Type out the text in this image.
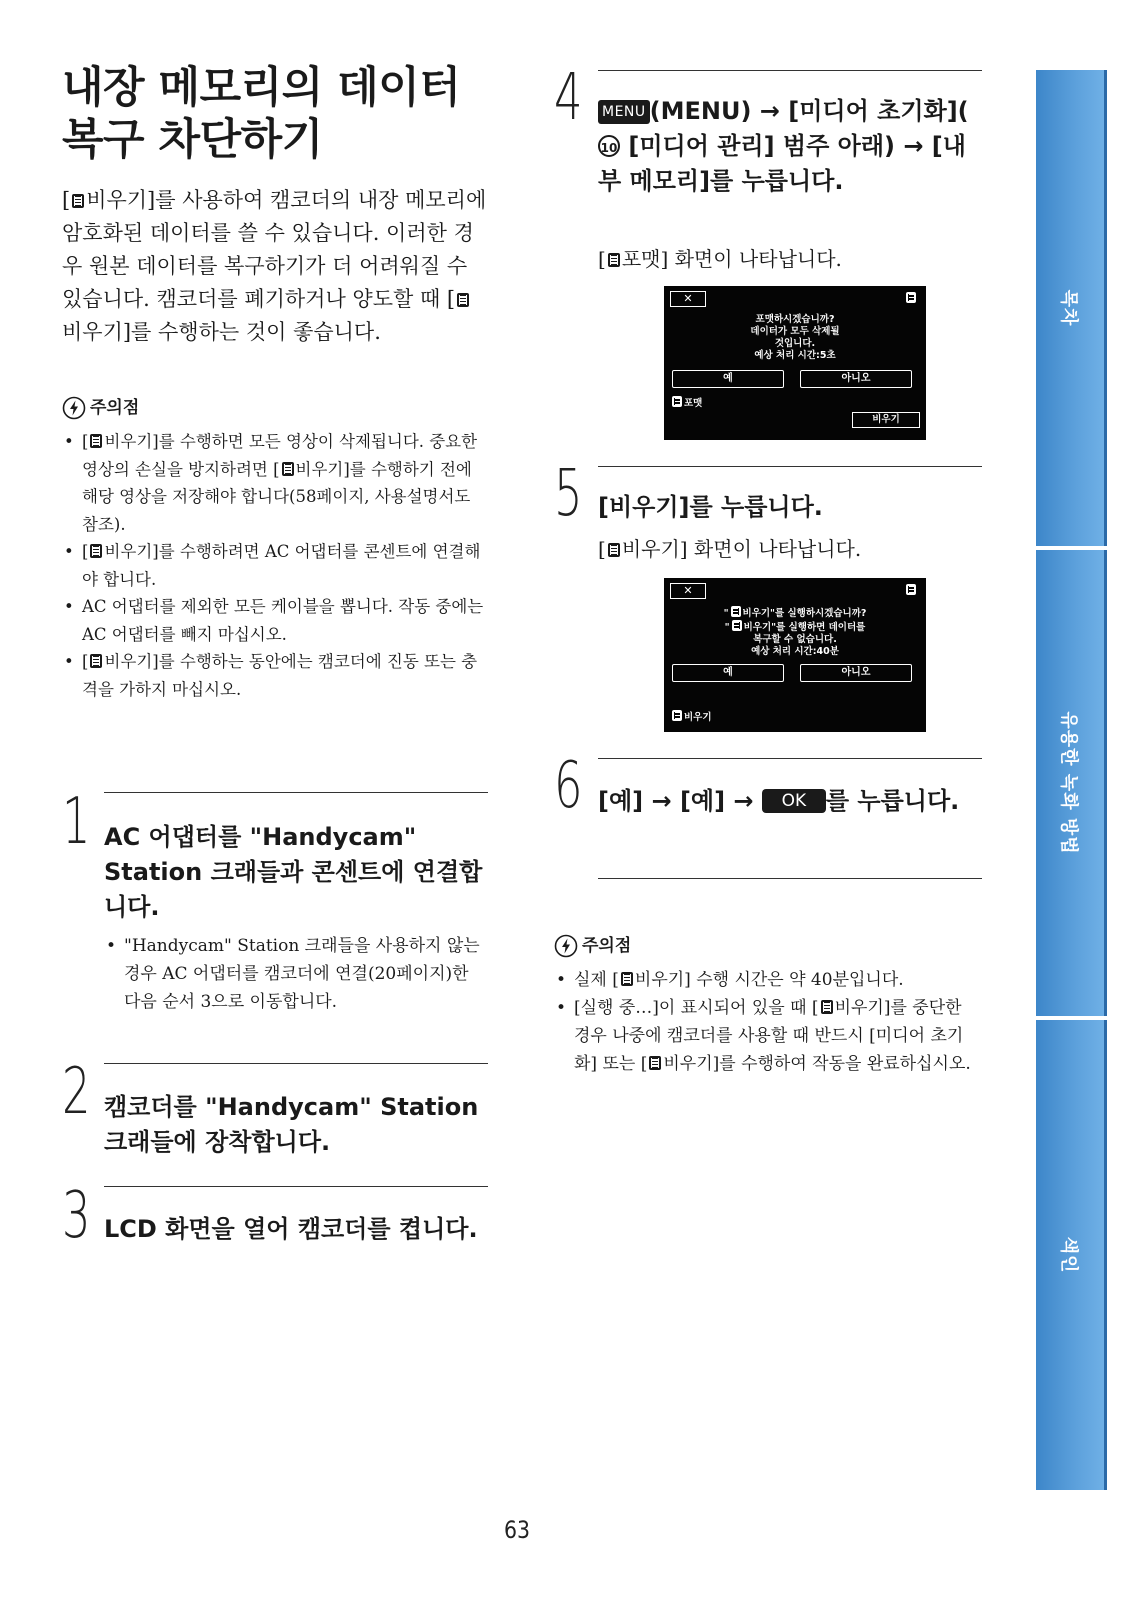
내장 메모리의 데이터 복구 차단하기

[ 비우기]를 사용하여 캠코더의 내장 메모리에 암호화된 데이터를 쓸 수 있습니다. 이러한 경우 원본 데이터를 복구하기가 더 어려워질 수 있습니다. 캠코더를 폐기하거나 양도할 때 [비우기]를 수행하는 것이 좋습니다.

주의점
• [ 비우기]를 수행하면 모든 영상이 삭제됩니다. 중요한 영상의 손실을 방지하려면 [ 비우기]를 수행하기 전에 해당 영상을 저장해야 합니다(58페이지, 사용설명서도 참조).
• [ 비우기]를 수행하려면 AC 어댑터를 콘센트에 연결해야 합니다.
• AC 어댑터를 제외한 모든 케이블을 뽑니다. 작동 중에는 AC 어댑터를 빼지 마십시오.
• [ 비우기]를 수행하는 동안에는 캠코더에 진동 또는 충격을 가하지 마십시오.
1 AC 어댑터를 "Handycam" Station 크래들과 콘센트에 연결합니다.

• "Handycam" Station 크래들을 사용하지 않는 경우 AC 어댑터를 캠코더에 연결(20페이지)한 다음 순서 3으로 이동합니다.
2 캠코더를 "Handycam" Station 크래들에 장착합니다.

3 LCD 화면을 열어 캠코더를 켭니다.

4 MENU (MENU) → [미디어 초기화](10 [미디어 관리] 범주 아래) → [내부 메모리]를 누릅니다.

[ 포맷] 화면이 나타납니다.

✕

포맷하시겠습니까?
데이터가 모두 삭제될
것입니다.
예상 처리 시간:5초

예	아니오
포맷
비우기
5 [비우기]를 누릅니다.

[ 비우기] 화면이 나타납니다.

✕

" 비우기"를 실행하시겠습니까?
" 비우기"를 실행하면 데이터를
복구할 수 없습니다.
예상 처리 시간:40분

예	아니오
비우기
6 [예] → [예] → OK 를 누릅니다.

주의점
• 실제 [ 비우기] 수행 시간은 약 40분입니다.
• [실행 중…]이 표시되어 있을 때 [ 비우기]를 중단한 경우 나중에 캠코더를 사용할 때 반드시 [미디어 초기화] 또는 [ 비우기]를 수행하여 작동을 완료하십시오.
목차
유용한 녹화 방법
색인
63
